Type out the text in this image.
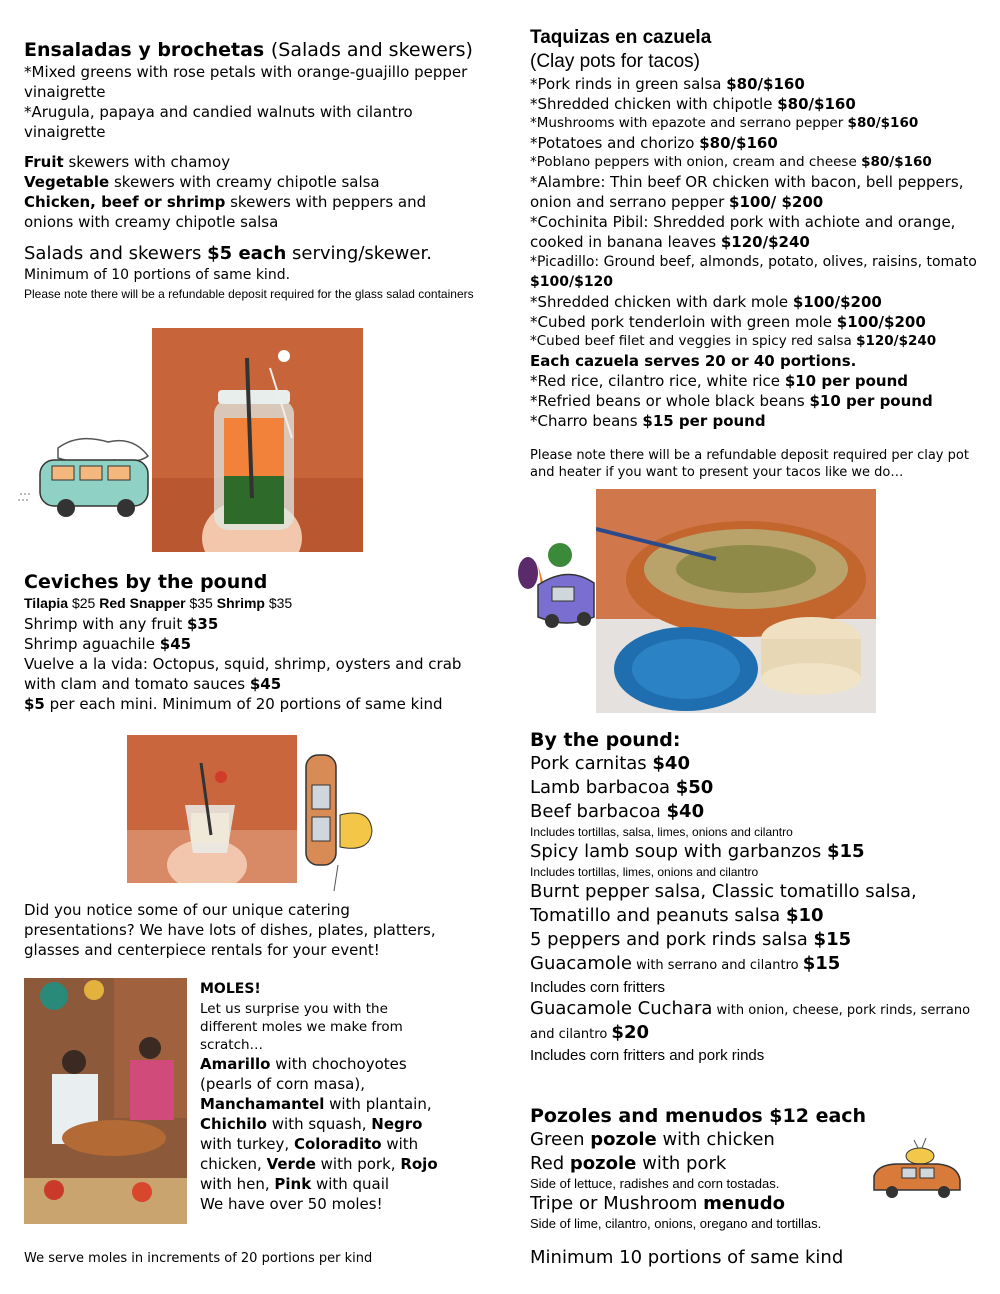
Ensaladas y brochetas (Salads and skewers)

*Mixed greens with rose petals with orange-guajillo pepper vinaigrette

*Arugula, papaya and candied walnuts with cilantro vinaigrette

Fruit skewers with chamoy

Vegetable skewers with creamy chipotle salsa

Chicken, beef or shrimp skewers with peppers and onions with creamy chipotle salsa

Salads and skewers $5 each serving/skewer.

Minimum of 10 portions of same kind.

Please note there will be a refundable deposit required for the glass salad containers

Ceviches by the pound

Tilapia $25 Red Snapper $35 Shrimp $35

Shrimp with any fruit $35

Shrimp aguachile $45

Vuelve a la vida: Octopus, squid, shrimp, oysters and crab with clam and tomato sauces $45

$5 per each mini. Minimum of 20 portions of same kind

Did you notice some of our unique catering presentations? We have lots of dishes, plates, platters, glasses and centerpiece rentals for your event!

MOLES!

Let us surprise you with the different moles we make from scratch…

Amarillo with chochoyotes (pearls of corn masa), Manchamantel with plantain, Chichilo with squash, Negro with turkey, Coloradito with chicken, Verde with pork, Rojo with hen, Pink with quail

We have over 50 moles!

We serve moles in increments of 20 portions per kind

Taquizas en cazuela

(Clay pots for tacos)

*Pork rinds in green salsa $80/$160

*Shredded chicken with chipotle $80/$160

*Mushrooms with epazote and serrano pepper $80/$160

*Potatoes and chorizo $80/$160

*Poblano peppers with onion, cream and cheese $80/$160

*Alambre: Thin beef OR chicken with bacon, bell peppers, onion and serrano pepper $100/ $200

*Cochinita Pibil: Shredded pork with achiote and orange, cooked in banana leaves $120/$240

*Picadillo: Ground beef, almonds, potato, olives, raisins, tomato $100/$120

*Shredded chicken with dark mole $100/$200

*Cubed pork tenderloin with green mole $100/$200

*Cubed beef filet and veggies in spicy red salsa $120/$240

Each cazuela serves 20 or 40 portions.

*Red rice, cilantro rice, white rice $10 per pound

*Refried beans or whole black beans $10 per pound

*Charro beans $15 per pound

Please note there will be a refundable deposit required per clay pot and heater if you want to present your tacos like we do…

By the pound:

Pork carnitas $40

Lamb barbacoa $50

Beef barbacoa $40

Includes tortillas, salsa, limes, onions and cilantro

Spicy lamb soup with garbanzos $15

Includes tortillas, limes, onions and cilantro

Burnt pepper salsa, Classic tomatillo salsa,

Tomatillo and peanuts salsa $10

5 peppers and pork rinds salsa $15

Guacamole with serrano and cilantro $15

Includes corn fritters

Guacamole Cuchara with onion, cheese, pork rinds, serrano and cilantro $20

Includes corn fritters and pork rinds

Pozoles and menudos $12 each

Green pozole with chicken

Red pozole with pork

Side of lettuce, radishes and corn tostadas.

Tripe or Mushroom menudo

Side of lime, cilantro, onions, oregano and tortillas.

Minimum 10 portions of same kind
